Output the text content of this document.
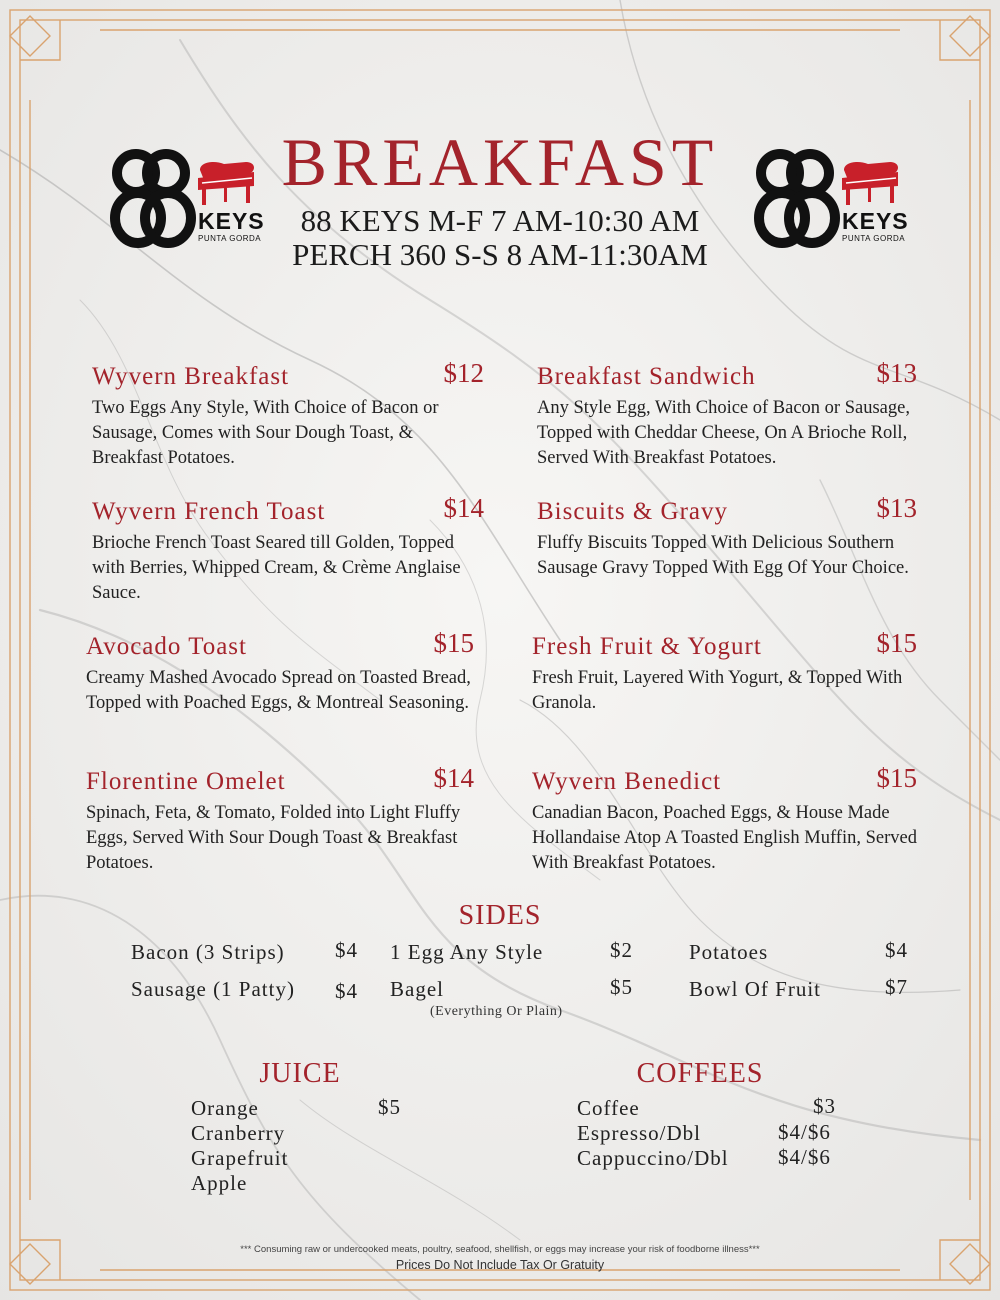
KEYS
PUNTA GORDA
KEYS
PUNTA GORDA
BREAKFAST
88 KEYS M-F 7 AM-10:30 AM
PERCH 360 S-S 8 AM-11:30AM
Wyvern Breakfast	$12
Two Eggs Any Style, With Choice of Bacon or Sausage, Comes with Sour Dough Toast, & Breakfast Potatoes.
Wyvern French Toast	$14
Brioche French Toast Seared till Golden, Topped with Berries, Whipped Cream, & Crème Anglaise Sauce.
Avocado Toast	$15
Creamy Mashed Avocado Spread on Toasted Bread, Topped with Poached Eggs, & Montreal Seasoning.
Florentine Omelet	$14
Spinach, Feta, & Tomato, Folded into Light Fluffy Eggs, Served With Sour Dough Toast & Breakfast Potatoes.
Breakfast Sandwich	$13
Any Style Egg, With Choice of Bacon or Sausage, Topped with Cheddar Cheese, On A Brioche Roll, Served With Breakfast Potatoes.
Biscuits & Gravy	$13
Fluffy Biscuits Topped With Delicious Southern Sausage Gravy Topped With Egg Of Your Choice.
Fresh Fruit & Yogurt	$15
Fresh Fruit, Layered With Yogurt, & Topped With Granola.
Wyvern Benedict	$15
Canadian Bacon, Poached Eggs, & House Made Hollandaise Atop A Toasted English Muffin, Served With Breakfast Potatoes.
SIDES
Bacon (3 Strips) $4
Sausage (1 Patty) $4
1 Egg Any Style	$2
Bagel	$5
(Everything Or Plain)
Potatoes	$4
Bowl Of Fruit	$7
JUICE
$5
Orange
Cranberry
Grapefruit
Apple
COFFEES
Coffee	$3
Espresso/Dbl	$4/$6
Cappuccino/Dbl $4/$6
*** Consuming raw or undercooked meats, poultry, seafood, shellfish, or eggs may increase your risk of foodborne illness***
Prices Do Not Include Tax Or Gratuity
